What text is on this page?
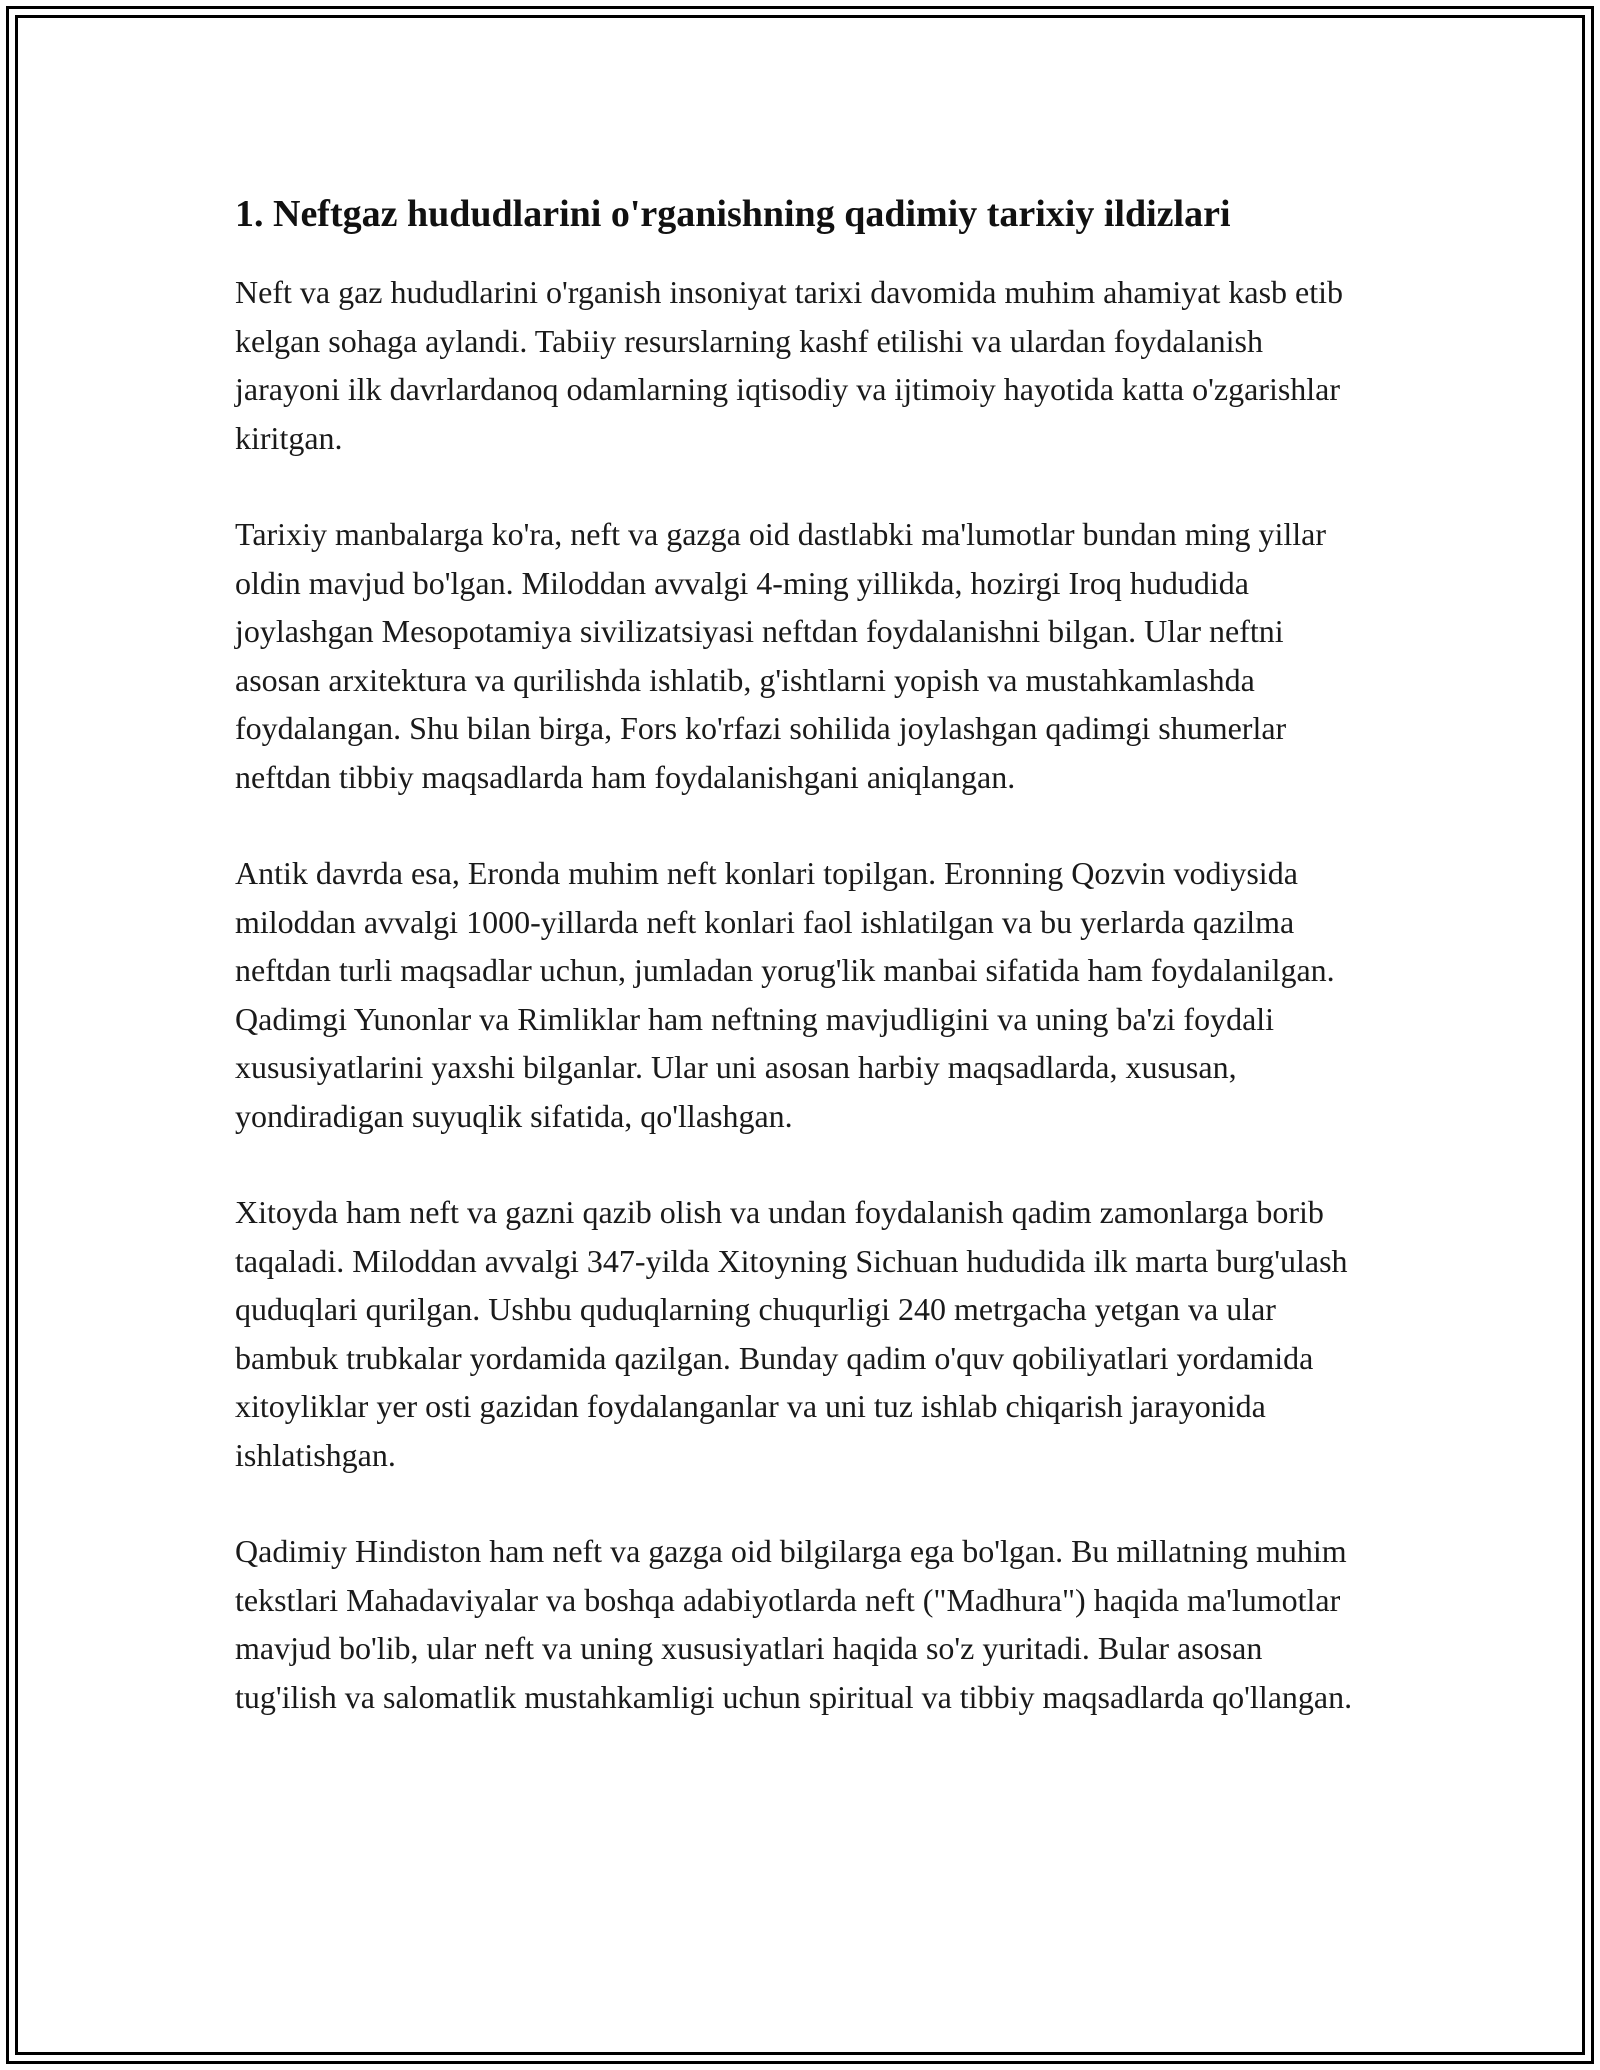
1. Neftgaz hududlarini o'rganishning qadimiy tarixiy ildizlari

Neft va gaz hududlarini o'rganish insoniyat tarixi davomida muhim ahamiyat kasb etib kelgan sohaga aylandi. Tabiiy resurslarning kashf etilishi va ulardan foydalanish jarayoni ilk davrlardanoq odamlarning iqtisodiy va ijtimoiy hayotida katta o'zgarishlar kiritgan.

Tarixiy manbalarga ko'ra, neft va gazga oid dastlabki ma'lumotlar bundan ming yillar oldin mavjud bo'lgan. Miloddan avvalgi 4-ming yillikda, hozirgi Iroq hududida joylashgan Mesopotamiya sivilizatsiyasi neftdan foydalanishni bilgan. Ular neftni asosan arxitektura va qurilishda ishlatib, g'ishtlarni yopish va mustahkamlashda foydalangan. Shu bilan birga, Fors ko'rfazi sohilida joylashgan qadimgi shumerlar neftdan tibbiy maqsadlarda ham foydalanishgani aniqlangan.

Antik davrda esa, Eronda muhim neft konlari topilgan. Eronning Qozvin vodiysida miloddan avvalgi 1000-yillarda neft konlari faol ishlatilgan va bu yerlarda qazilma neftdan turli maqsadlar uchun, jumladan yorug'lik manbai sifatida ham foydalanilgan. Qadimgi Yunonlar va Rimliklar ham neftning mavjudligini va uning ba'zi foydali xususiyatlarini yaxshi bilganlar. Ular uni asosan harbiy maqsadlarda, xususan, yondiradigan suyuqlik sifatida, qo'llashgan.

Xitoyda ham neft va gazni qazib olish va undan foydalanish qadim zamonlarga borib taqaladi. Miloddan avvalgi 347-yilda Xitoyning Sichuan hududida ilk marta burg'ulash quduqlari qurilgan. Ushbu quduqlarning chuqurligi 240 metrgacha yetgan va ular bambuk trubkalar yordamida qazilgan. Bunday qadim o'quv qobiliyatlari yordamida xitoyliklar yer osti gazidan foydalanganlar va uni tuz ishlab chiqarish jarayonida ishlatishgan.

Qadimiy Hindiston ham neft va gazga oid bilgilarga ega bo'lgan. Bu millatning muhim tekstlari Mahadaviyalar va boshqa adabiyotlarda neft ("Madhura") haqida ma'lumotlar mavjud bo'lib, ular neft va uning xususiyatlari haqida so'z yuritadi. Bular asosan tug'ilish va salomatlik mustahkamligi uchun spiritual va tibbiy maqsadlarda qo'llangan.
